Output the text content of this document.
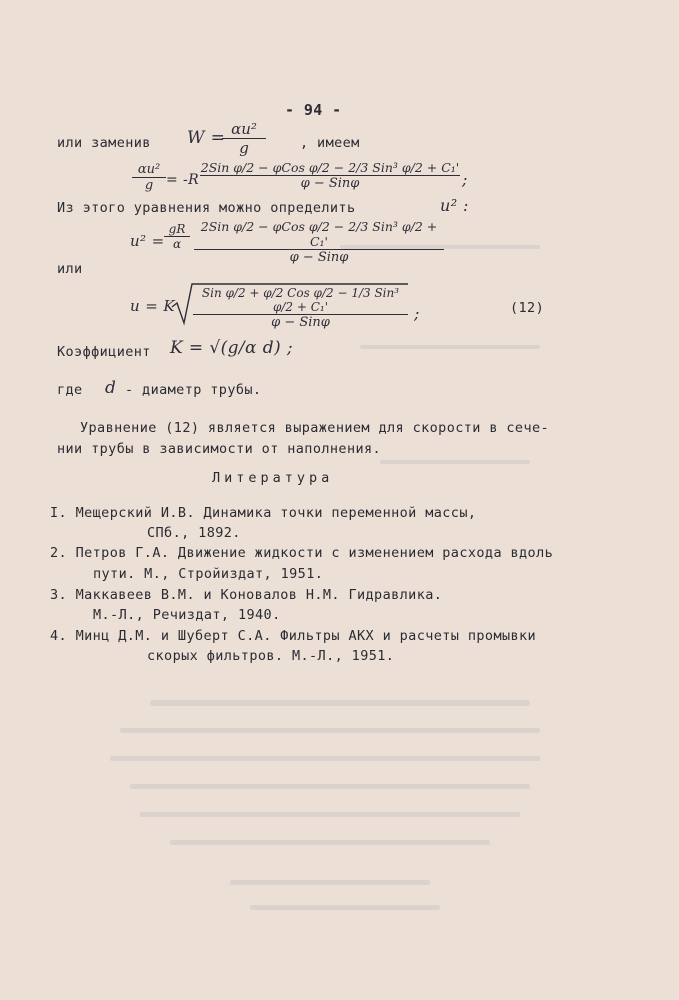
- 94 -
или заменив W =
$\frac{\text{αu²}}{g}$	, имеем
$\frac{\text{αu²}}{g} = -R$
2Sin φ/2 − φCos φ/2 − 2/3 Sin³ φ/2 + C₁'
φ − Sinφ	;
Из этого уравнения можно определить	u² :
$u^2 = \frac{gR}{\alpha} 2Sin$ φ/2 − φCos φ/2 − 2/3 Sin³ φ/2 + C₁'
φ − Sinφ
или
u = K
Sin φ/2 + φ/2 Cos φ/2 − 1/3 Sin³ φ/2 + C₁'
φ − Sinφ	;	(12)
Коэффициент K = √(g/α d) ;
где d - диаметр трубы.
Уравнение (12) является выражением для скорости в сече-
нии трубы в зависимости от наполнения.
Литература
I. Мещерский И.В. Динамика точки переменной массы,
СПб., 1892.
2. Петров Г.А. Движение жидкости с изменением расхода вдоль
пути. М., Стройиздат, 1951.
3. Маккавеев В.М. и Коновалов Н.М. Гидравлика.
М.-Л., Речиздат, 1940.
4. Минц Д.М. и Шуберт С.А. Фильтры АКХ и расчеты промывки
скорых фильтров. М.-Л., 1951.
